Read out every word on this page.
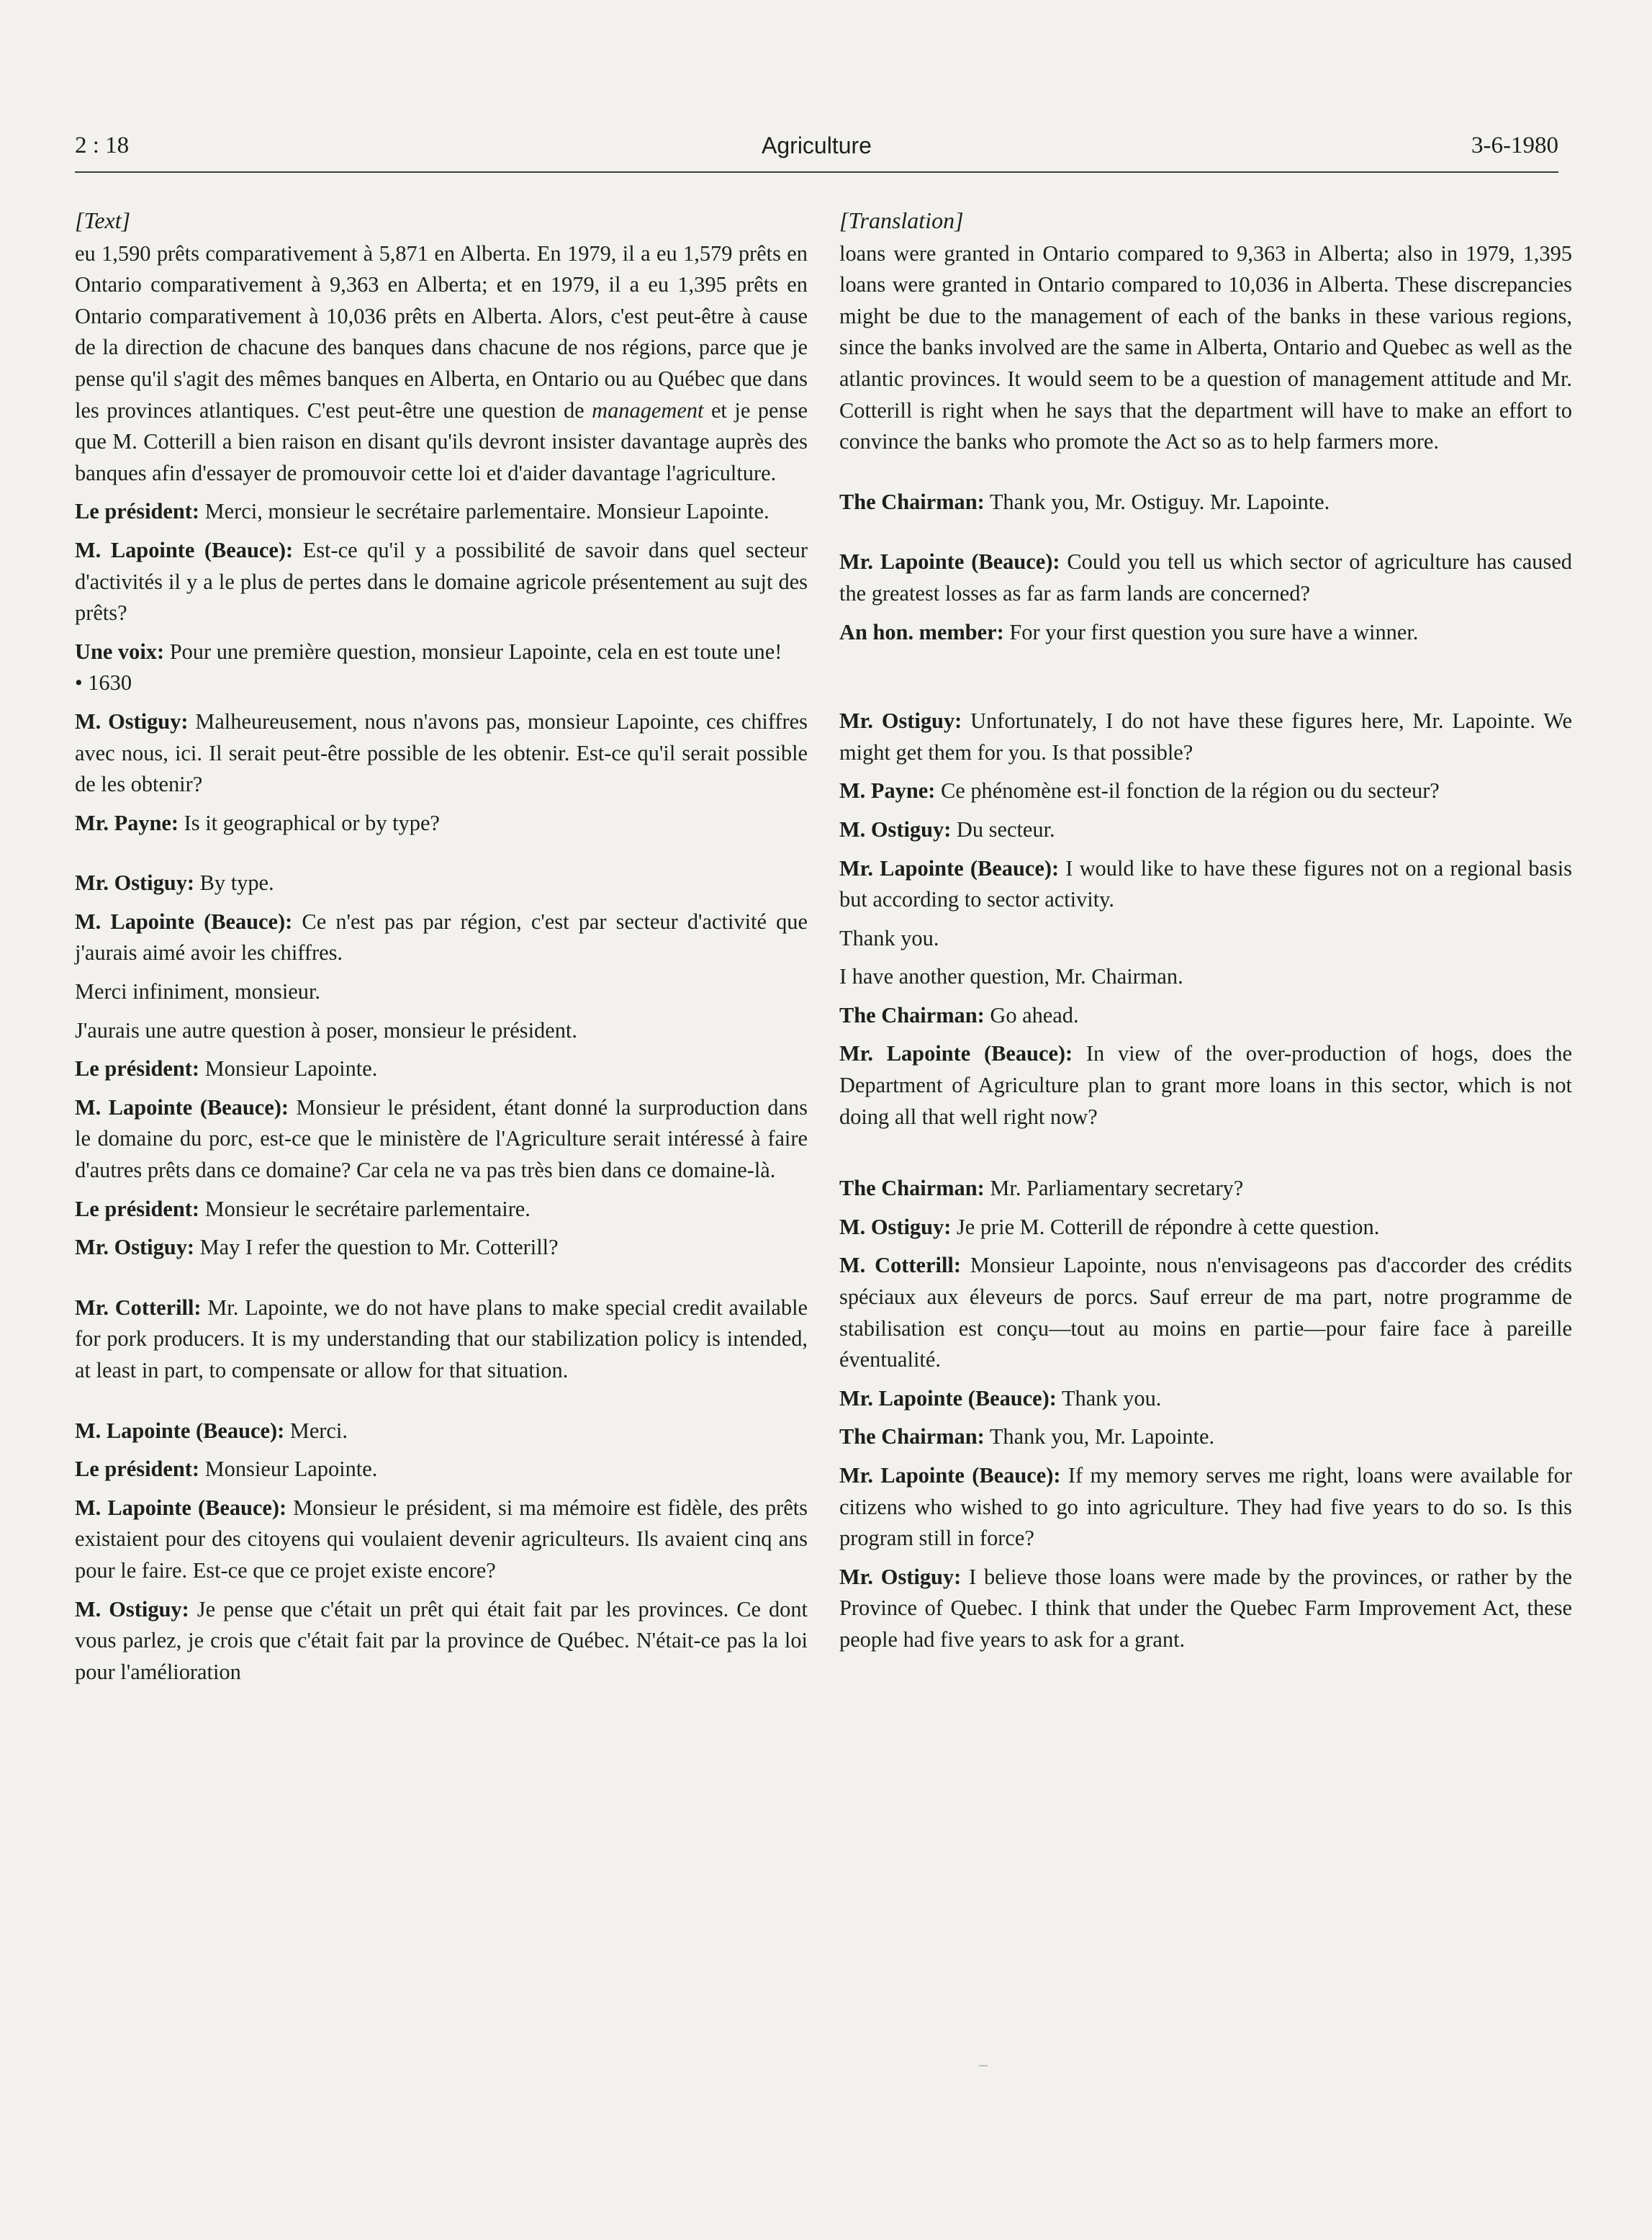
2 : 18	Agriculture	3-6-1980
[Text]

eu 1,590 prêts comparativement à 5,871 en Alberta. En 1979, il a eu 1,579 prêts en Ontario comparativement à 9,363 en Alberta; et en 1979, il a eu 1,395 prêts en Ontario comparativement à 10,036 prêts en Alberta. Alors, c'est peut-être à cause de la direction de chacune des banques dans chacune de nos régions, parce que je pense qu'il s'agit des mêmes banques en Alberta, en Ontario ou au Québec que dans les provinces atlantiques. C'est peut-être une question de management et je pense que M. Cotterill a bien raison en disant qu'ils devront insister davantage auprès des banques afin d'essayer de promouvoir cette loi et d'aider davantage l'agriculture.

Le président: Merci, monsieur le secrétaire parlementaire. Monsieur Lapointe.

M. Lapointe (Beauce): Est-ce qu'il y a possibilité de savoir dans quel secteur d'activités il y a le plus de pertes dans le domaine agricole présentement au sujt des prêts?

Une voix: Pour une première question, monsieur Lapointe, cela en est toute une!

• 1630

M. Ostiguy: Malheureusement, nous n'avons pas, monsieur Lapointe, ces chiffres avec nous, ici. Il serait peut-être possible de les obtenir. Est-ce qu'il serait possible de les obtenir?

Mr. Payne: Is it geographical or by type?

Mr. Ostiguy: By type.

M. Lapointe (Beauce): Ce n'est pas par région, c'est par secteur d'activité que j'aurais aimé avoir les chiffres.

Merci infiniment, monsieur.

J'aurais une autre question à poser, monsieur le président.

Le président: Monsieur Lapointe.

M. Lapointe (Beauce): Monsieur le président, étant donné la surproduction dans le domaine du porc, est-ce que le ministère de l'Agriculture serait intéressé à faire d'autres prêts dans ce domaine? Car cela ne va pas très bien dans ce domaine-là.

Le président: Monsieur le secrétaire parlementaire.

Mr. Ostiguy: May I refer the question to Mr. Cotterill?

Mr. Cotterill: Mr. Lapointe, we do not have plans to make special credit available for pork producers. It is my understanding that our stabilization policy is intended, at least in part, to compensate or allow for that situation.

M. Lapointe (Beauce): Merci.

Le président: Monsieur Lapointe.

M. Lapointe (Beauce): Monsieur le président, si ma mémoire est fidèle, des prêts existaient pour des citoyens qui voulaient devenir agriculteurs. Ils avaient cinq ans pour le faire. Est-ce que ce projet existe encore?

M. Ostiguy: Je pense que c'était un prêt qui était fait par les provinces. Ce dont vous parlez, je crois que c'était fait par la province de Québec. N'était-ce pas la loi pour l'amélioration

[Translation]

loans were granted in Ontario compared to 9,363 in Alberta; also in 1979, 1,395 loans were granted in Ontario compared to 10,036 in Alberta. These discrepancies might be due to the management of each of the banks in these various regions, since the banks involved are the same in Alberta, Ontario and Quebec as well as the atlantic provinces. It would seem to be a question of management attitude and Mr. Cotterill is right when he says that the department will have to make an effort to convince the banks who promote the Act so as to help farmers more.

The Chairman: Thank you, Mr. Ostiguy. Mr. Lapointe.

Mr. Lapointe (Beauce): Could you tell us which sector of agriculture has caused the greatest losses as far as farm lands are concerned?

An hon. member: For your first question you sure have a winner.

Mr. Ostiguy: Unfortunately, I do not have these figures here, Mr. Lapointe. We might get them for you. Is that possible?

M. Payne: Ce phénomène est-il fonction de la région ou du secteur?

M. Ostiguy: Du secteur.

Mr. Lapointe (Beauce): I would like to have these figures not on a regional basis but according to sector activity.

Thank you.

I have another question, Mr. Chairman.

The Chairman: Go ahead.

Mr. Lapointe (Beauce): In view of the over-production of hogs, does the Department of Agriculture plan to grant more loans in this sector, which is not doing all that well right now?

The Chairman: Mr. Parliamentary secretary?

M. Ostiguy: Je prie M. Cotterill de répondre à cette question.

M. Cotterill: Monsieur Lapointe, nous n'envisageons pas d'accorder des crédits spéciaux aux éleveurs de porcs. Sauf erreur de ma part, notre programme de stabilisation est conçu—tout au moins en partie—pour faire face à pareille éventualité.

Mr. Lapointe (Beauce): Thank you.

The Chairman: Thank you, Mr. Lapointe.

Mr. Lapointe (Beauce): If my memory serves me right, loans were available for citizens who wished to go into agriculture. They had five years to do so. Is this program still in force?

Mr. Ostiguy: I believe those loans were made by the provinces, or rather by the Province of Quebec. I think that under the Quebec Farm Improvement Act, these people had five years to ask for a grant.
